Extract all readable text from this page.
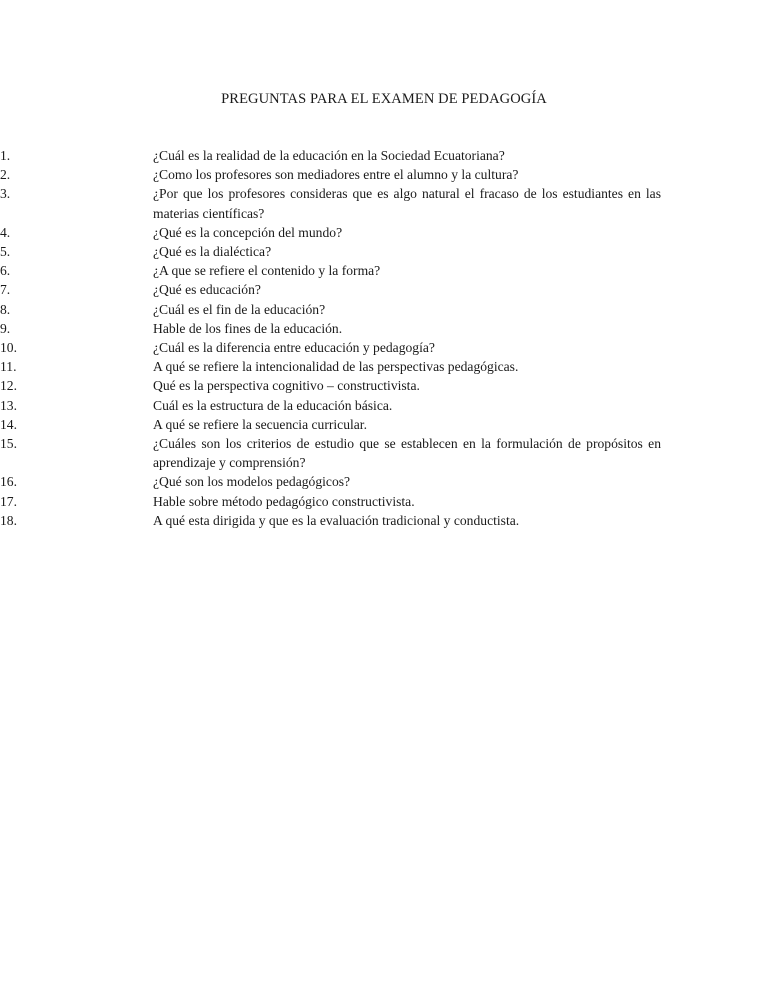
PREGUNTAS PARA EL EXAMEN DE PEDAGOGÍA
1.	¿Cuál es la realidad de la educación en la Sociedad Ecuatoriana?
2.	¿Como los profesores son mediadores entre el alumno y la cultura?
3.	¿Por que los profesores consideras que es algo natural el fracaso de los estudiantes en las materias científicas?
4.	¿Qué es la concepción del mundo?
5.	¿Qué es la dialéctica?
6.	¿A que se refiere el contenido y la forma?
7.	¿Qué es educación?
8.	¿Cuál es el fin de la educación?
9.	Hable de los fines de la educación.
10.	¿Cuál es la diferencia entre educación y pedagogía?
11.	A qué se refiere la intencionalidad de las perspectivas pedagógicas.
12.	Qué es la perspectiva cognitivo – constructivista.
13.	Cuál es la estructura de la educación básica.
14.	A qué se refiere la secuencia curricular.
15.	¿Cuáles son los criterios de estudio que se establecen en la formulación de propósitos en aprendizaje y comprensión?
16.	¿Qué son los modelos pedagógicos?
17.	Hable sobre método pedagógico constructivista.
18.	A qué esta dirigida y que es la evaluación tradicional y conductista.
